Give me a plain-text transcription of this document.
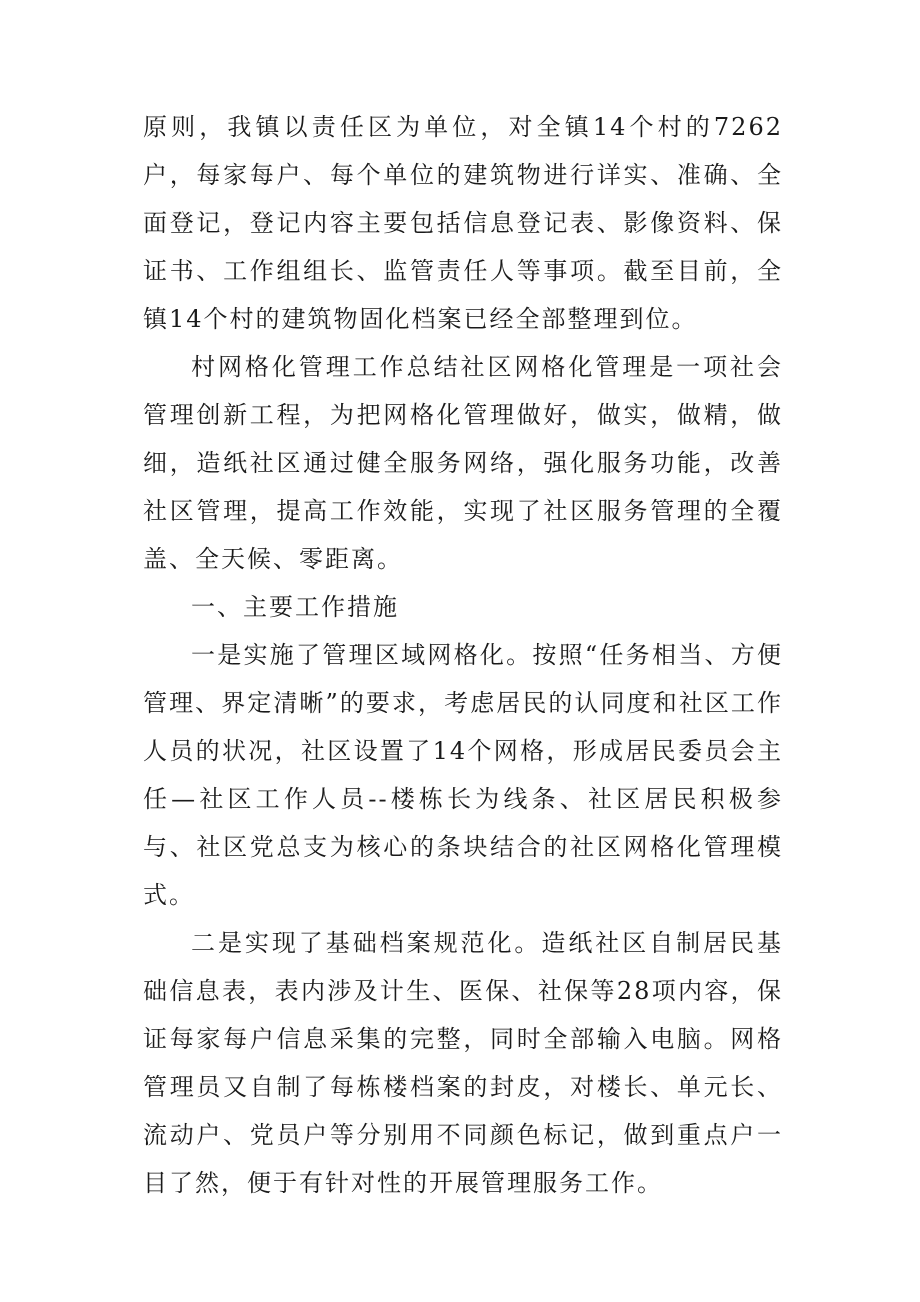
原则，我镇以责任区为单位，对全镇14个村的7262户，每家每户、每个单位的建筑物进行详实、准确、全面登记，登记内容主要包括信息登记表、影像资料、保证书、工作组组长、监管责任人等事项。截至目前，全镇14个村的建筑物固化档案已经全部整理到位。

村网格化管理工作总结社区网格化管理是一项社会管理创新工程，为把网格化管理做好，做实，做精，做细，造纸社区通过健全服务网络，强化服务功能，改善社区管理，提高工作效能，实现了社区服务管理的全覆盖、全天候、零距离。

一、主要工作措施

一是实施了管理区域网格化。按照“任务相当、方便管理、界定清晰”的要求，考虑居民的认同度和社区工作人员的状况，社区设置了14个网格，形成居民委员会主任—社区工作人员--楼栋长为线条、社区居民积极参与、社区党总支为核心的条块结合的社区网格化管理模式。

二是实现了基础档案规范化。造纸社区自制居民基础信息表，表内涉及计生、医保、社保等28项内容，保证每家每户信息采集的完整，同时全部输入电脑。网格管理员又自制了每栋楼档案的封皮，对楼长、单元长、流动户、党员户等分别用不同颜色标记，做到重点户一目了然，便于有针对性的开展管理服务工作。
